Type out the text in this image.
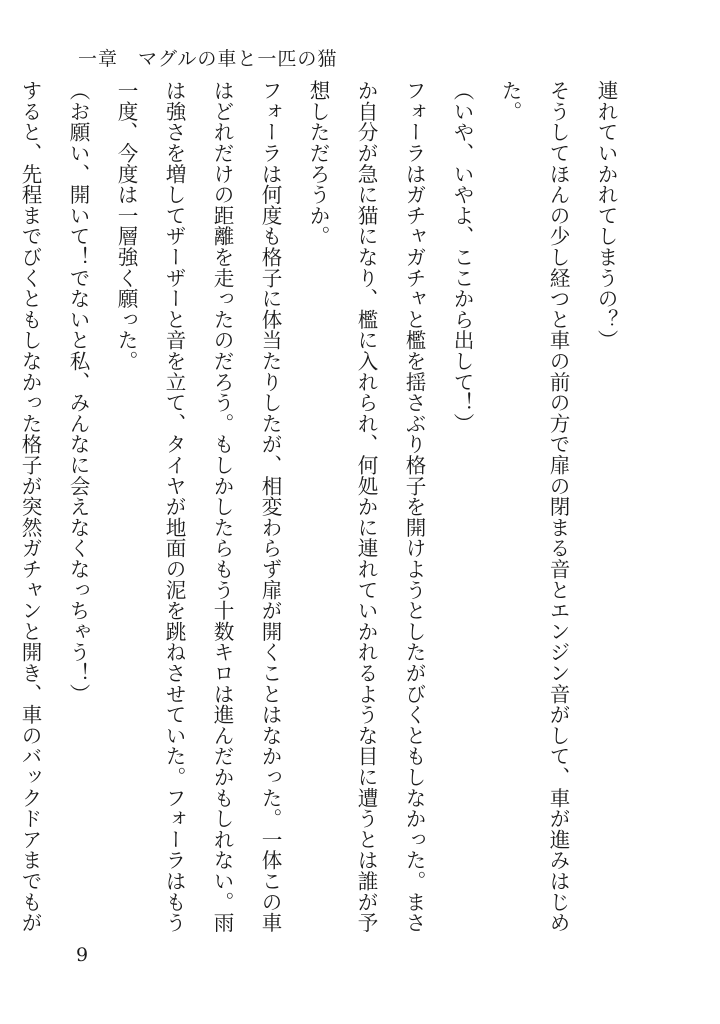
一章　マグルの車と一匹の猫

連れていかれてしまうの？）

そうしてほんの少し経つと車の前の方で扉の閉まる音とエンジン音がして、車が進みはじめた。

（いや、いやよ、ここから出して！）

フォーラはガチャガチャと檻を揺さぶり格子を開けようとしたがびくともしなかった。まさか自分が急に猫になり、檻に入れられ、何処かに連れていかれるような目に遭うとは誰が予想しただろうか。

フォーラは何度も格子に体当たりしたが、相変わらず扉が開くことはなかった。一体この車はどれだけの距離を走ったのだろう。もしかしたらもう十数キロは進んだかもしれない。雨は強さを増してザーザーと音を立て、タイヤが地面の泥を跳ねさせていた。フォーラはもう一度、今度は一層強く願った。

（お願い、開いて！でないと私、みんなに会えなくなっちゃう！）

すると、先程までびくともしなかった格子が突然ガチャンと開き、車のバックドアまでもが

9
